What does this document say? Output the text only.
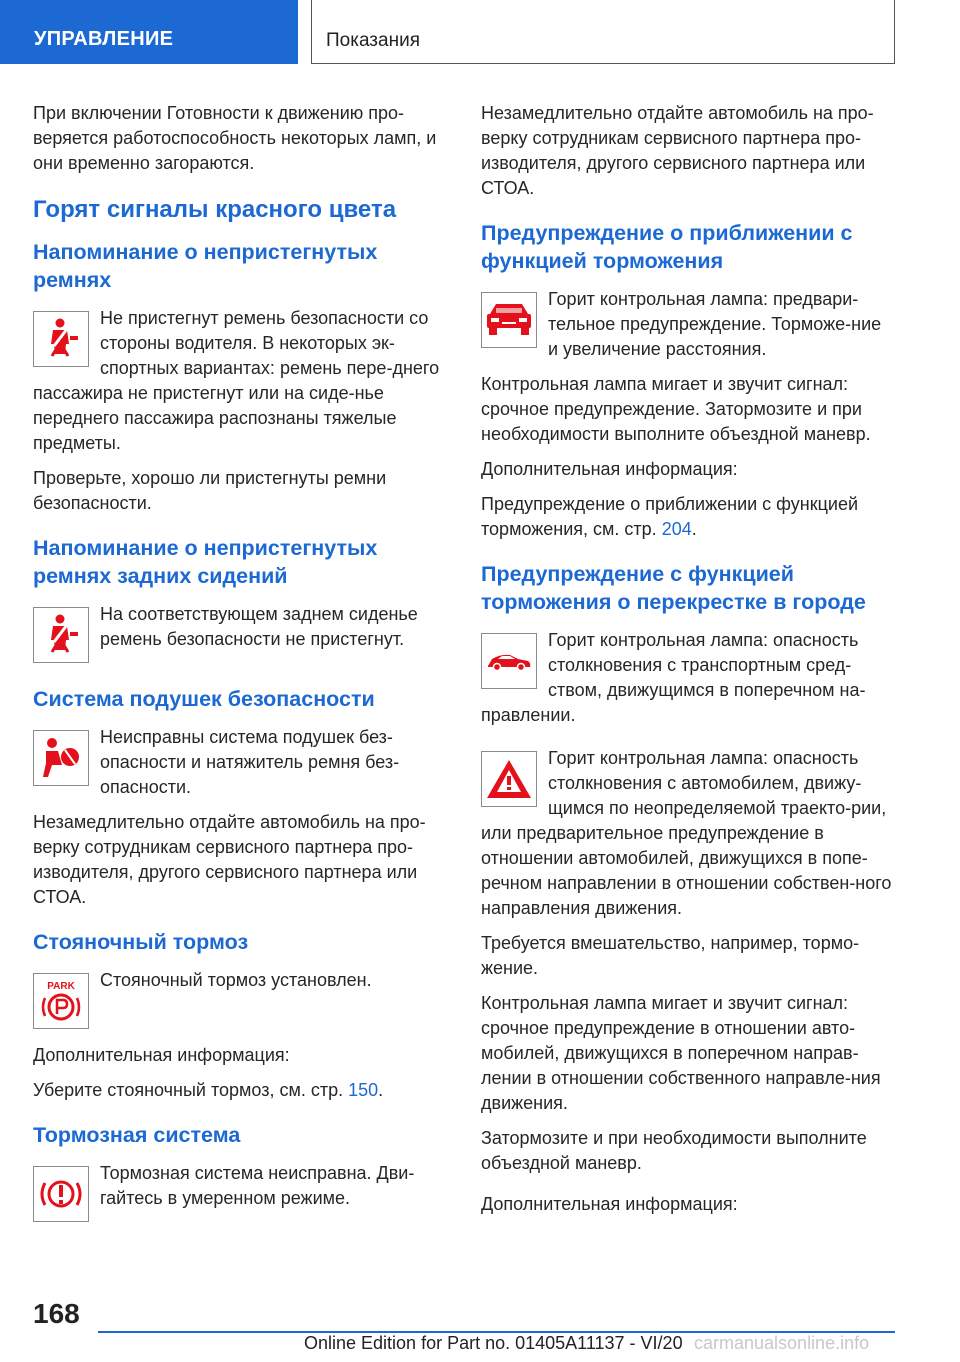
УПРАВЛЕНИЕ	Показания

При включении Готовности к движению про-веряется работоспособность некоторых ламп, и они временно загораются.

Горят сигналы красного цвета
Напоминание о непристегнутых ремнях

Не пристегнут ремень безопасности со стороны водителя. В некоторых эк-спортных вариантах: ремень пере-днего пассажира не пристегнут или на сиде-нье переднего пассажира распознаны тяжелые предметы.

Проверьте, хорошо ли пристегнуты ремни безопасности.

Напоминание о непристегнутых ремнях задних сидений

На соответствующем заднем сиденье ремень безопасности не пристегнут.

Система подушек безопасности

Неисправны система подушек без-опасности и натяжитель ремня без-опасности.

Незамедлительно отдайте автомобиль на про-верку сотрудникам сервисного партнера про-изводителя, другого сервисного партнера или СТОА.

Стояночный тормоз
PARK	Стояночный тормоз установлен.

Дополнительная информация:

Уберите стояночный тормоз, см. стр. 150.

Тормозная система

Тормозная система неисправна. Дви-гайтесь в умеренном режиме.

Незамедлительно отдайте автомобиль на про-верку сотрудникам сервисного партнера про-изводителя, другого сервисного партнера или СТОА.

Предупреждение о приближении с функцией торможения

Горит контрольная лампа: предвари-тельное предупреждение. Торможе-ние и увеличение расстояния.

Контрольная лампа мигает и звучит сигнал: срочное предупреждение. Затормозите и при необходимости выполните объездной маневр.

Дополнительная информация:

Предупреждение о приближении с функцией торможения, см. стр. 204.

Предупреждение с функцией торможения о перекрестке в городе

Горит контрольная лампа: опасность столкновения с транспортным сред-ством, движущимся в поперечном на-правлении.

Горит контрольная лампа: опасность столкновения с автомобилем, движу-щимся по неопределяемой траекто-рии, или предварительное предупреждение в отношении автомобилей, движущихся в попе-речном направлении в отношении собствен-ного направления движения.

Требуется вмешательство, например, тормо-жение.

Контрольная лампа мигает и звучит сигнал: срочное предупреждение в отношении авто-мобилей, движущихся в поперечном направ-лении в отношении собственного направле-ния движения.

Затормозите и при необходимости выполните объездной маневр.

Дополнительная информация:

168
Online Edition for Part no. 01405A11137 - VI/20 carmanualsonline.info
